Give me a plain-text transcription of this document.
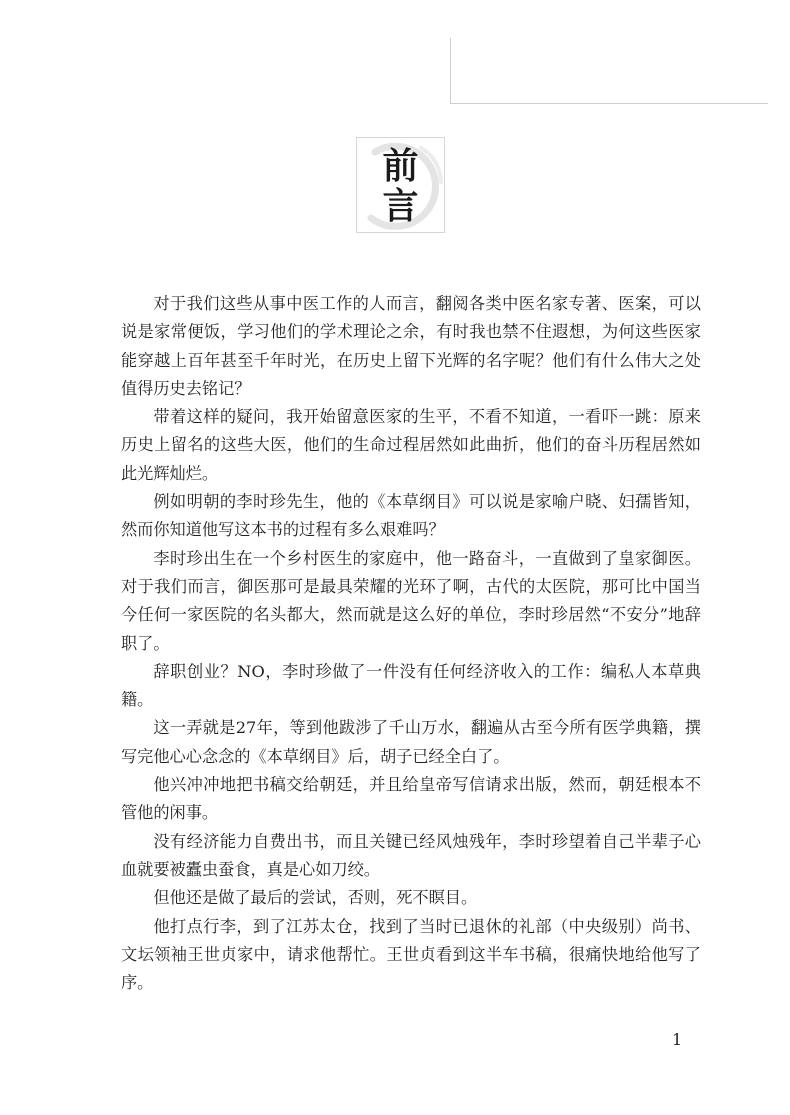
前
言

对于我们这些从事中医工作的人而言，翻阅各类中医名家专著、医案，可以说是家常便饭，学习他们的学术理论之余，有时我也禁不住遐想，为何这些医家能穿越上百年甚至千年时光，在历史上留下光辉的名字呢？他们有什么伟大之处值得历史去铭记？

带着这样的疑问，我开始留意医家的生平，不看不知道，一看吓一跳：原来历史上留名的这些大医，他们的生命过程居然如此曲折，他们的奋斗历程居然如此光辉灿烂。

例如明朝的李时珍先生，他的《本草纲目》可以说是家喻户晓、妇孺皆知，然而你知道他写这本书的过程有多么艰难吗？

李时珍出生在一个乡村医生的家庭中，他一路奋斗，一直做到了皇家御医。对于我们而言，御医那可是最具荣耀的光环了啊，古代的太医院，那可比中国当今任何一家医院的名头都大，然而就是这么好的单位，李时珍居然“不安分”地辞职了。

辞职创业？NO，李时珍做了一件没有任何经济收入的工作：编私人本草典籍。

这一弄就是27年，等到他跋涉了千山万水，翻遍从古至今所有医学典籍，撰写完他心心念念的《本草纲目》后，胡子已经全白了。

他兴冲冲地把书稿交给朝廷，并且给皇帝写信请求出版，然而，朝廷根本不管他的闲事。

没有经济能力自费出书，而且关键已经风烛残年，李时珍望着自己半辈子心血就要被蠹虫蚕食，真是心如刀绞。

但他还是做了最后的尝试，否则，死不瞑目。

他打点行李，到了江苏太仓，找到了当时已退休的礼部（中央级别）尚书、文坛领袖王世贞家中，请求他帮忙。王世贞看到这半车书稿，很痛快地给他写了序。

1
